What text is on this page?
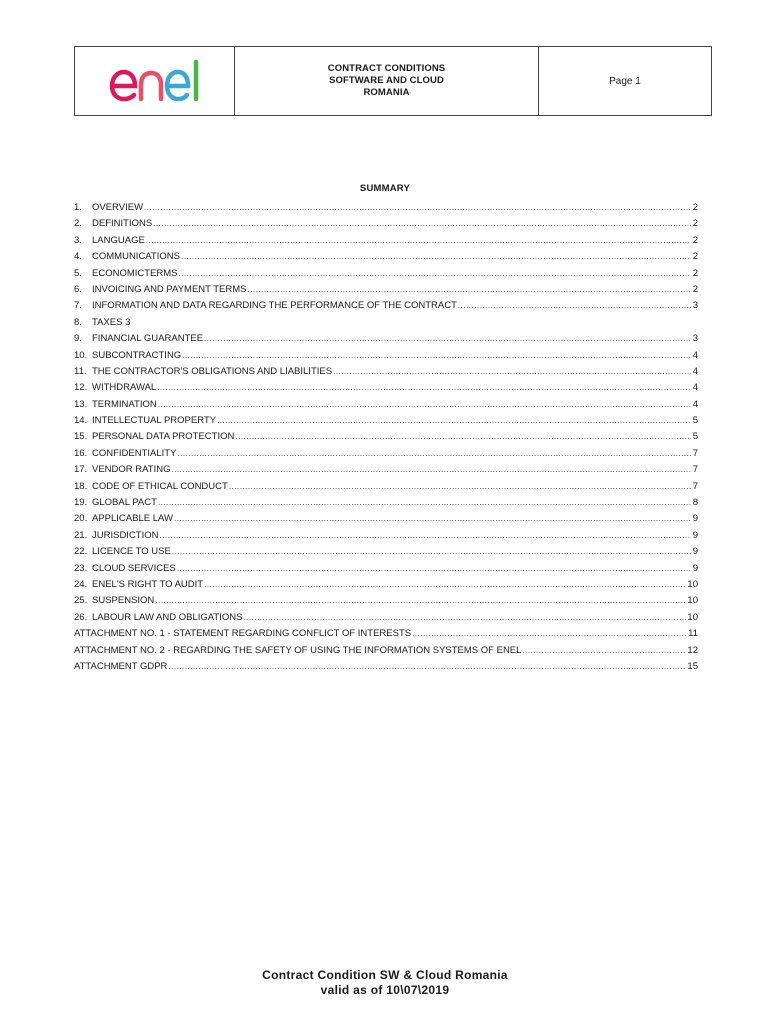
CONTRACT CONDITIONS
SOFTWARE AND CLOUD
ROMANIA
Page 1
SUMMARY
1.	OVERVIEW .....	2
2.	DEFINITIONS .....	2
3.	LANGUAGE .....	2
4.	COMMUNICATIONS .....	2
5.	ECONOMICTERMS .....	2
6.	INVOICING AND PAYMENT TERMS .....	2
7.	INFORMATION AND DATA REGARDING THE PERFORMANCE OF THE CONTRACT .....	3
8.	TAXES 3
9.	FINANCIAL GUARANTEE .....	3
10. SUBCONTRACTING .....	4
11. THE CONTRACTOR'S OBLIGATIONS AND LIABILITIES .....	4
12. WITHDRAWAL .....	4
13. TERMINATION .....	4
14. INTELLECTUAL PROPERTY .....	5
15. PERSONAL DATA PROTECTION .....	5
16. CONFIDENTIALITY .....	7
17. VENDOR RATING .....	7
18. CODE OF ETHICAL CONDUCT .....	7
19. GLOBAL PACT .....	8
20. APPLICABLE LAW .....	9
21. JURISDICTION .....	9
22. LICENCE TO USE .....	9
23. CLOUD SERVICES .....	9
24. ENEL'S RIGHT TO AUDIT .....	10
25. SUSPENSION .....	10
26. LABOUR LAW AND OBLIGATIONS .....	10
ATTACHMENT NO. 1 - STATEMENT REGARDING CONFLICT OF INTERESTS .....	11
ATTACHMENT NO. 2 - REGARDING THE SAFETY OF USING THE INFORMATION SYSTEMS OF ENEL .....	12
ATTACHMENT GDPR .....	15
Contract Condition SW & Cloud Romania
valid as of 10\07\2019
